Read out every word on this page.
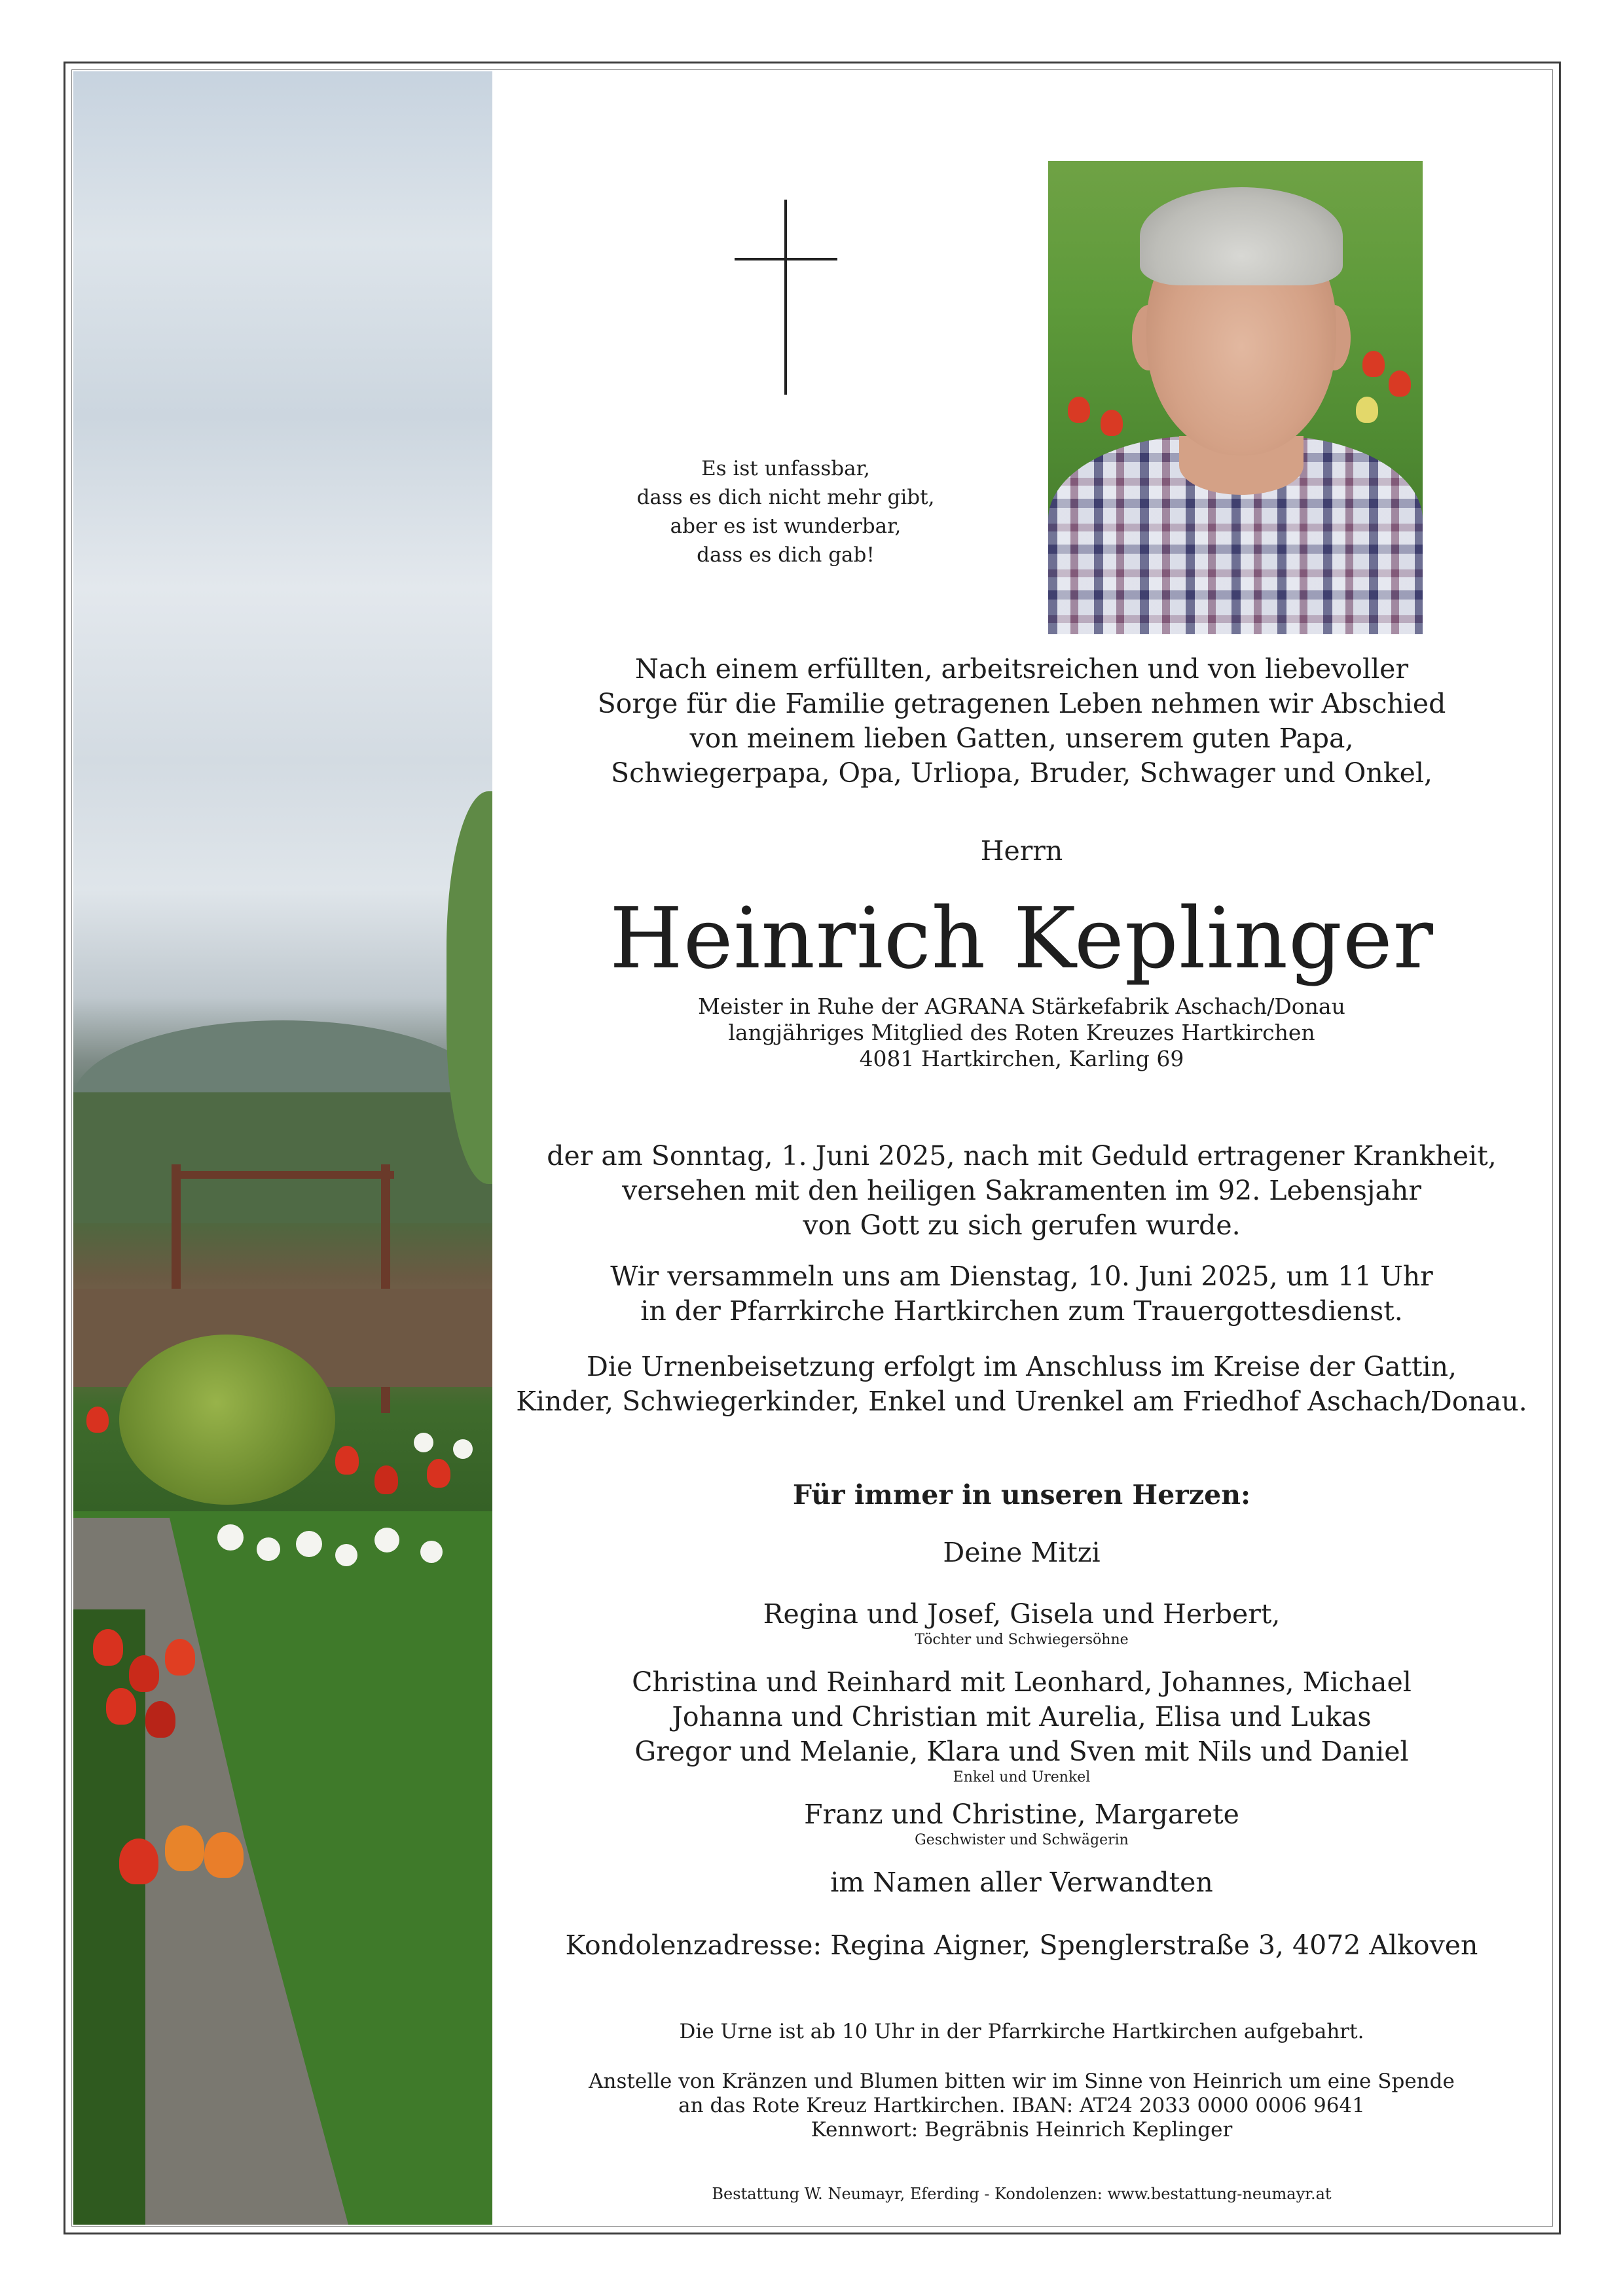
Es ist unfassbar,
dass es dich nicht mehr gibt,
aber es ist wunderbar,
dass es dich gab!
Nach einem erfüllten, arbeitsreichen und von liebevoller
Sorge für die Familie getragenen Leben nehmen wir Abschied
von meinem lieben Gatten, unserem guten Papa,
Schwiegerpapa, Opa, Urliopa, Bruder, Schwager und Onkel,
Herrn
Heinrich Keplinger
Meister in Ruhe der AGRANA Stärkefabrik Aschach/Donau
langjähriges Mitglied des Roten Kreuzes Hartkirchen
4081 Hartkirchen, Karling 69
der am Sonntag, 1. Juni 2025, nach mit Geduld ertragener Krankheit,
versehen mit den heiligen Sakramenten im 92. Lebensjahr
von Gott zu sich gerufen wurde.
Wir versammeln uns am Dienstag, 10. Juni 2025, um 11 Uhr
in der Pfarrkirche Hartkirchen zum Trauergottesdienst.
Die Urnenbeisetzung erfolgt im Anschluss im Kreise der Gattin,
Kinder, Schwiegerkinder, Enkel und Urenkel am Friedhof Aschach/Donau.
Für immer in unseren Herzen:
Deine Mitzi
Regina und Josef, Gisela und Herbert,
Töchter und Schwiegersöhne
Christina und Reinhard mit Leonhard, Johannes, Michael
Johanna und Christian mit Aurelia, Elisa und Lukas
Gregor und Melanie, Klara und Sven mit Nils und Daniel
Enkel und Urenkel
Franz und Christine, Margarete
Geschwister und Schwägerin
im Namen aller Verwandten
Kondolenzadresse: Regina Aigner, Spenglerstraße 3, 4072 Alkoven
Die Urne ist ab 10 Uhr in der Pfarrkirche Hartkirchen aufgebahrt.
Anstelle von Kränzen und Blumen bitten wir im Sinne von Heinrich um eine Spende
an das Rote Kreuz Hartkirchen. IBAN: AT24 2033 0000 0006 9641
Kennwort: Begräbnis Heinrich Keplinger
Bestattung W. Neumayr, Eferding - Kondolenzen: www.bestattung-neumayr.at
